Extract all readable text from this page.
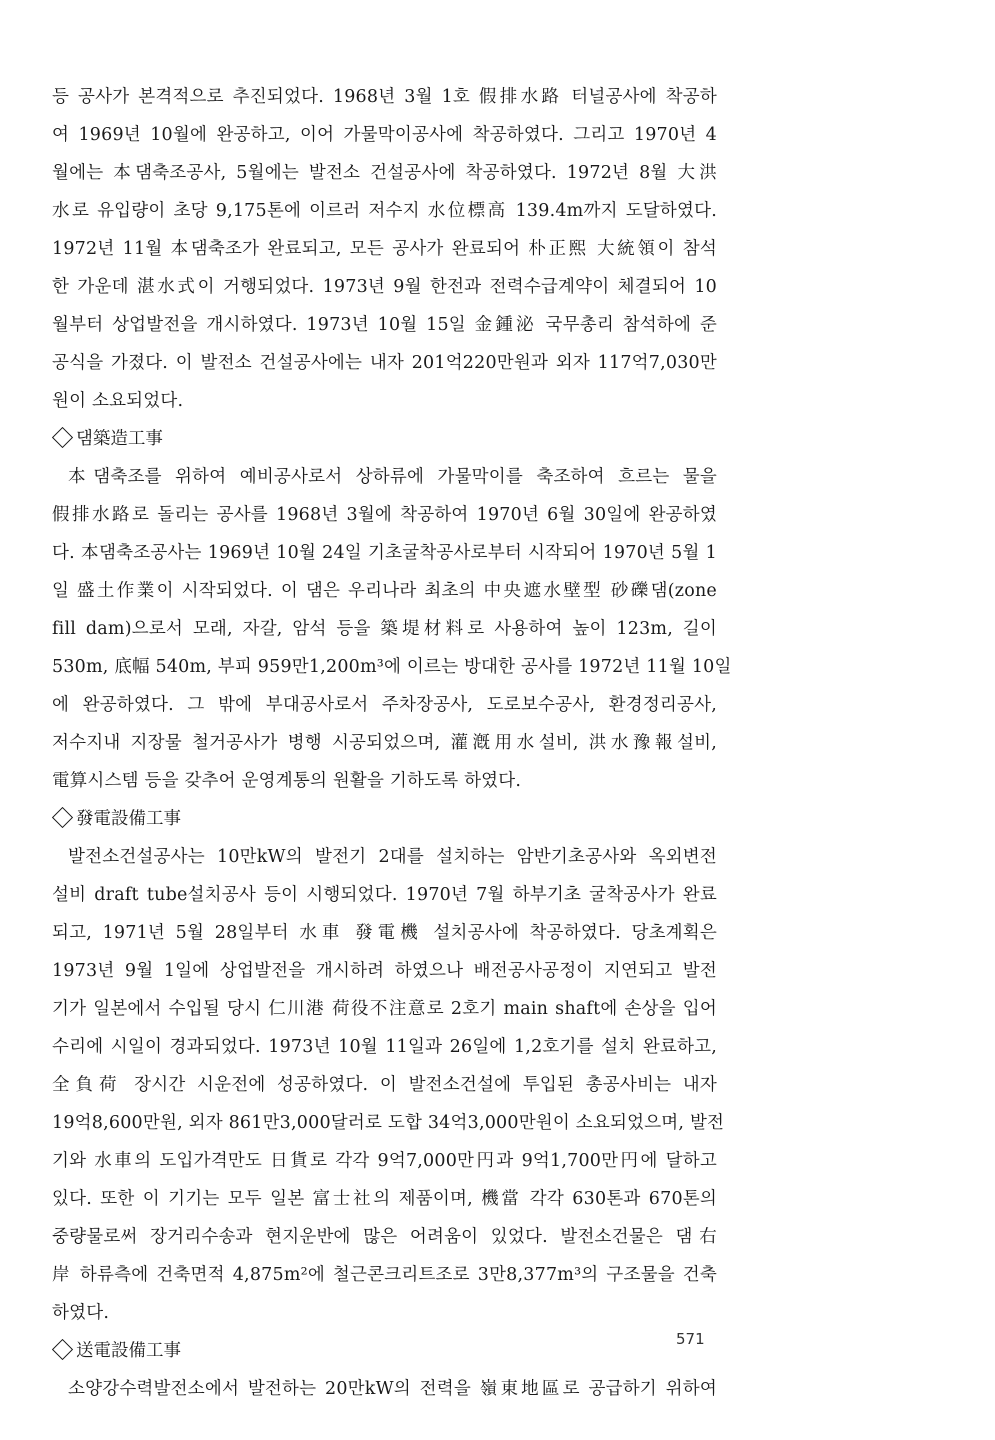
등 공사가 본격적으로 추진되었다. 1968년 3월 1호 假排水路 터널공사에 착공하
여 1969년 10월에 완공하고, 이어 가물막이공사에 착공하였다. 그리고 1970년 4
월에는 本댐축조공사, 5월에는 발전소 건설공사에 착공하였다. 1972년 8월 大洪
水로 유입량이 초당 9,175톤에 이르러 저수지 水位標高 139.4m까지 도달하였다.
1972년 11월 本댐축조가 완료되고, 모든 공사가 완료되어 朴正熙 大統領이 참석
한 가운데 湛水式이 거행되었다. 1973년 9월 한전과 전력수급계약이 체결되어 10
월부터 상업발전을 개시하였다. 1973년 10월 15일 金鍾泌 국무총리 참석하에 준
공식을 가졌다. 이 발전소 건설공사에는 내자 201억220만원과 외자 117억7,030만
원이 소요되었다.
댐築造工事
本댐축조를 위하여 예비공사로서 상하류에 가물막이를 축조하여 흐르는 물을
假排水路로 돌리는 공사를 1968년 3월에 착공하여 1970년 6월 30일에 완공하였
다. 本댐축조공사는 1969년 10월 24일 기초굴착공사로부터 시작되어 1970년 5월 1
일 盛土作業이 시작되었다. 이 댐은 우리나라 최초의 中央遮水壁型 砂礫댐(zone
fill dam)으로서 모래, 자갈, 암석 등을 築堤材料로 사용하여 높이 123m, 길이
530m, 底幅 540m, 부피 959만1,200m³에 이르는 방대한 공사를 1972년 11월 10일
에 완공하였다. 그 밖에 부대공사로서 주차장공사, 도로보수공사, 환경정리공사,
저수지내 지장물 철거공사가 병행 시공되었으며, 灌漑用水설비, 洪水豫報설비,
電算시스템 등을 갖추어 운영계통의 원활을 기하도록 하였다.
發電設備工事
발전소건설공사는 10만kW의 발전기 2대를 설치하는 암반기초공사와 옥외변전
설비 draft tube설치공사 등이 시행되었다. 1970년 7월 하부기초 굴착공사가 완료
되고, 1971년 5월 28일부터 水車 發電機 설치공사에 착공하였다. 당초계획은
1973년 9월 1일에 상업발전을 개시하려 하였으나 배전공사공정이 지연되고 발전
기가 일본에서 수입될 당시 仁川港 荷役不注意로 2호기 main shaft에 손상을 입어
수리에 시일이 경과되었다. 1973년 10월 11일과 26일에 1,2호기를 설치 완료하고,
全負荷 장시간 시운전에 성공하였다. 이 발전소건설에 투입된 총공사비는 내자
19억8,600만원, 외자 861만3,000달러로 도합 34억3,000만원이 소요되었으며, 발전
기와 水車의 도입가격만도 日貨로 각각 9억7,000만円과 9억1,700만円에 달하고
있다. 또한 이 기기는 모두 일본 富士社의 제품이며, 機當 각각 630톤과 670톤의
중량물로써 장거리수송과 현지운반에 많은 어려움이 있었다. 발전소건물은 댐右
岸 하류측에 건축면적 4,875m²에 철근콘크리트조로 3만8,377m³의 구조물을 건축
하였다.
送電設備工事
소양강수력발전소에서 발전하는 20만kW의 전력을 嶺東地區로 공급하기 위하여
571
